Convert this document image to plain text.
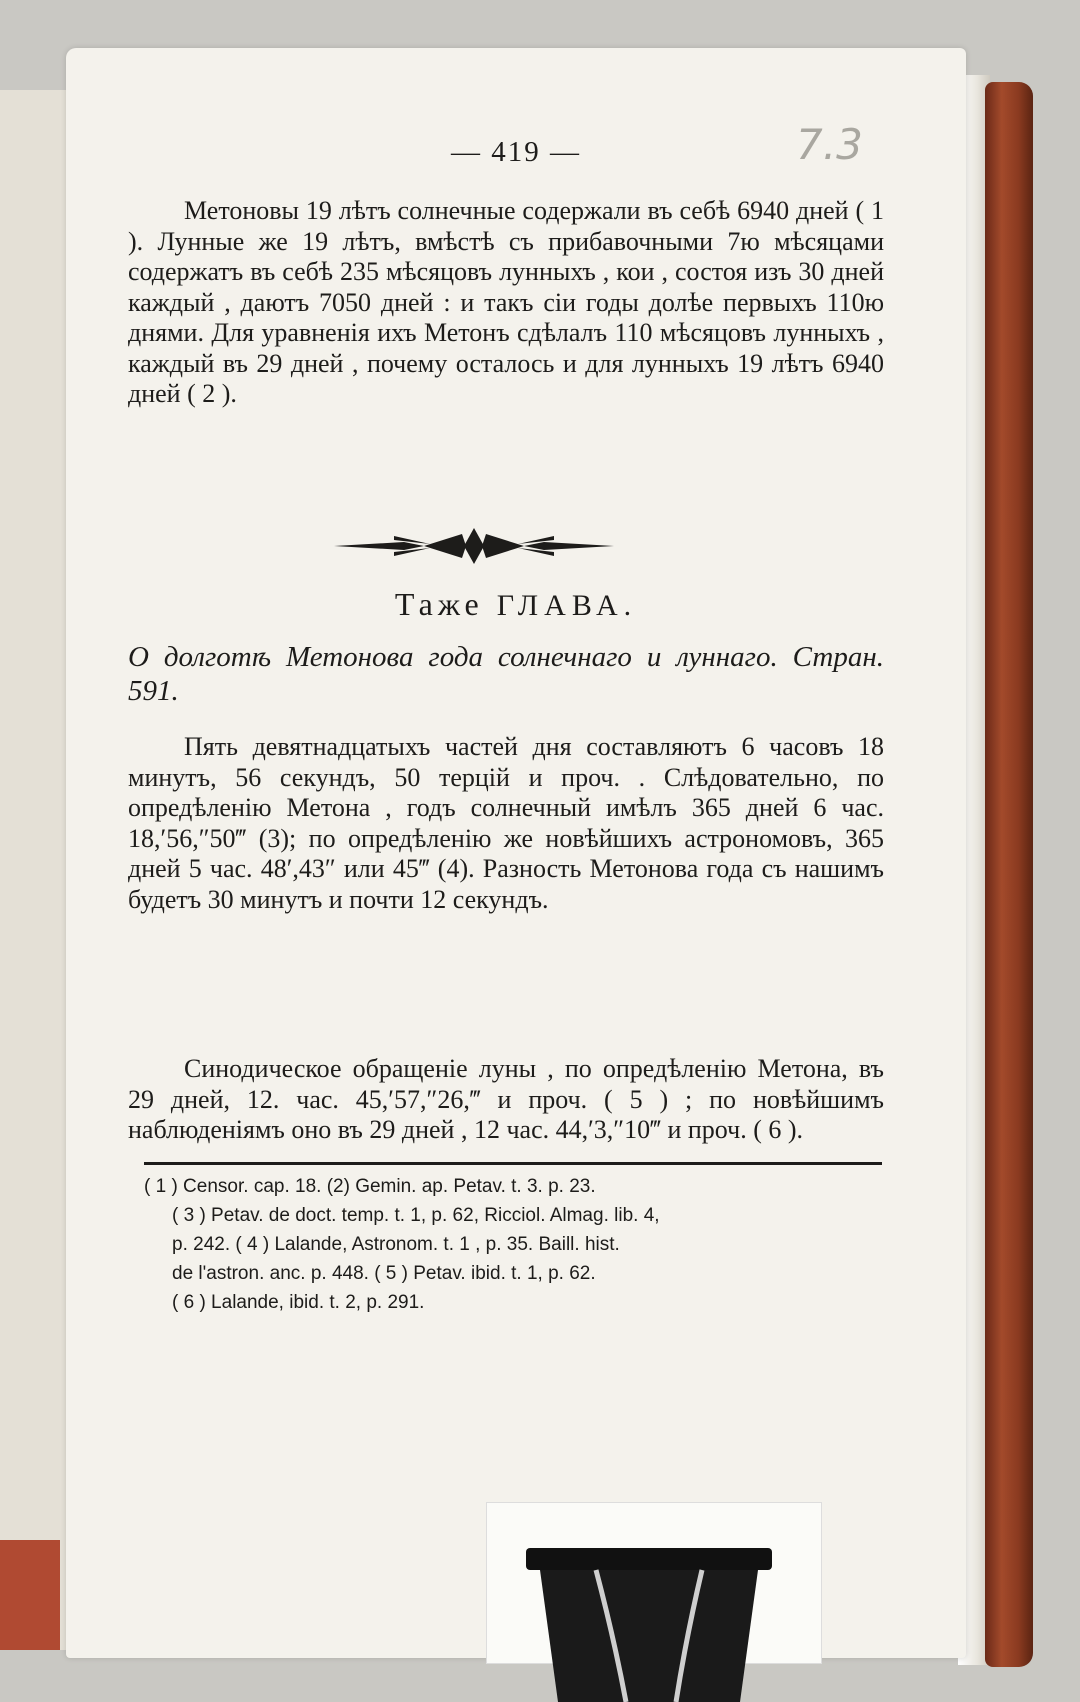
— 419 —	7.3

Метоновы 19 лѣтъ солнечные содержали въ себѣ 6940 дней ( 1 ). Лунные же 19 лѣтъ, вмѣстѣ съ прибавочными 7ю мѣсяцами содержатъ въ себѣ 235 мѣсяцовъ лунныхъ , кои , состоя изъ 30 дней каждый , даютъ 7050 дней : и такъ сіи годы долѣе первыхъ 110ю днями. Для уравненія ихъ Метонъ сдѣлалъ 110 мѣсяцовъ лунныхъ , каждый въ 29 дней , почему осталось и для лунныхъ 19 лѣтъ 6940 дней ( 2 ).

Таже ГЛАВА.
О долготѣ Метонова года солнечнаго и луннаго. Стран. 591.

Пять девятнадцатыхъ частей дня составляютъ 6 часовъ 18 минутъ, 56 секундъ, 50 терцій и проч. . Слѣдовательно, по опредѣленію Метона , годъ солнечный имѣлъ 365 дней 6 час. 18,′56,″50‴ (3); по опредѣленію же новѣйшихъ астрономовъ, 365 дней 5 час. 48′,43″ или 45‴ (4). Разность Метонова года съ нашимъ будетъ 30 минутъ и почти 12 секундъ.

Синодическое обращеніе луны , по опредѣленію Метона, въ 29 дней, 12. час. 45,′57,″26,‴ и проч. ( 5 ) ; по новѣйшимъ наблюденіямъ оно въ 29 дней , 12 час. 44,′3,″10‴ и проч. ( 6 ).

( 1 ) Censor. cap. 18. (2) Gemin. ap. Petav. t. 3. p. 23.
( 3 ) Petav. de doct. temp. t. 1, p. 62, Ricciol. Almag. lib. 4,
p. 242. ( 4 ) Lalande, Astronom. t. 1 , p. 35. Baill. hist.
de l'astron. anc. p. 448. ( 5 ) Petav. ibid. t. 1, p. 62.
( 6 ) Lalande, ibid. t. 2, p. 291.
